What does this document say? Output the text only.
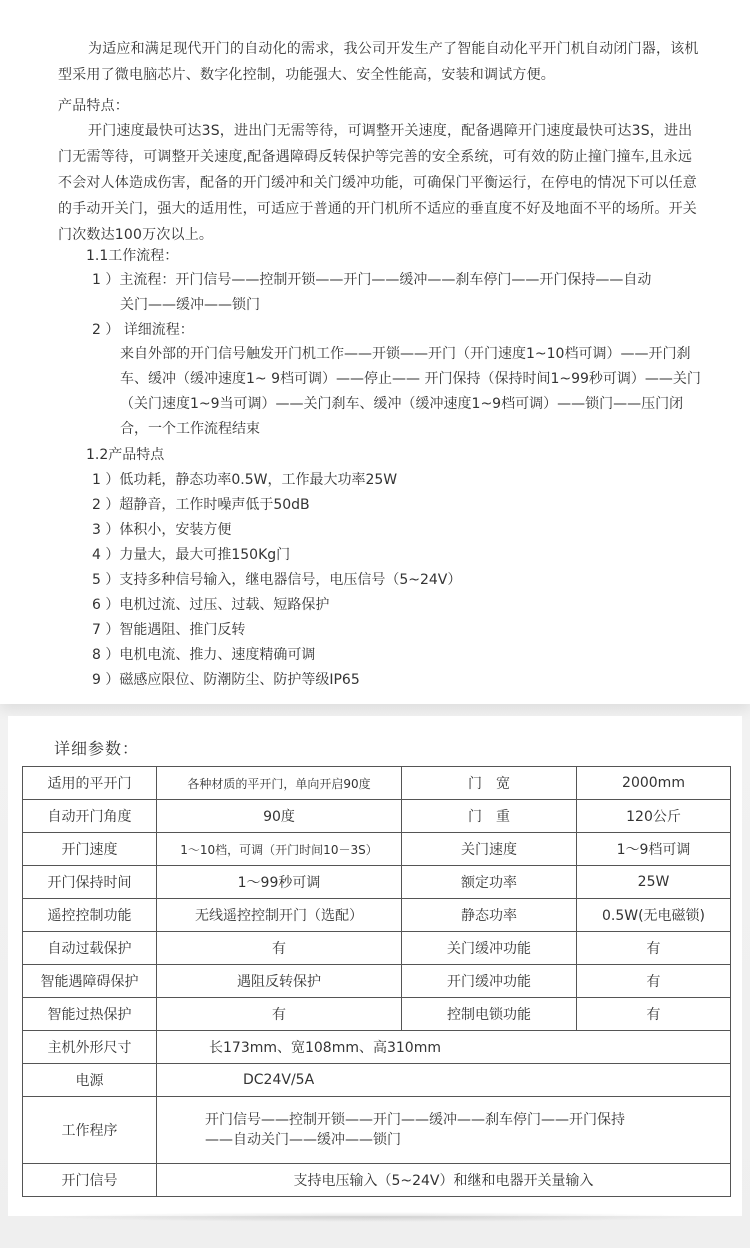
为适应和满足现代开门的自动化的需求，我公司开发生产了智能自动化平开门机自动闭门器，该机型采用了微电脑芯片、数字化控制，功能强大、安全性能高，安装和调试方便。
产品特点：
开门速度最快可达3S，进出门无需等待，可调整开关速度，配备遇障开门速度最快可达3S，进出门无需等待，可调整开关速度,配备遇障碍反转保护等完善的安全系统，可有效的防止撞门撞车,且永远不会对人体造成伤害，配备的开门缓冲和关门缓冲功能，可确保门平衡运行，在停电的情况下可以任意的手动开关门，强大的适用性，可适应于普通的开门机所不适应的垂直度不好及地面不平的场所。开关门次数达100万次以上。
1.1工作流程：
1 ）主流程：开门信号——控制开锁——开门——缓冲——刹车停门——开门保持——自动
关门——缓冲——锁门
2 ） 详细流程：
来自外部的开门信号触发开门机工作——开锁——开门（开门速度1~10档可调）——开门刹车、缓冲（缓冲速度1~ 9档可调）——停止—— 开门保持（保持时间1~99秒可调）——关门（关门速度1~9当可调）——关门刹车、缓冲（缓冲速度1~9档可调）——锁门——压门闭合，一个工作流程结束
1.2产品特点
1 ）低功耗，静态功率0.5W，工作最大功率25W
2 ）超静音，工作时噪声低于50dB
3 ）体积小，安装方便
4 ）力量大，最大可推150Kg门
5 ）支持多种信号输入，继电器信号，电压信号（5~24V）
6 ）电机过流、过压、过载、短路保护
7 ）智能遇阻、推门反转
8 ）电机电流、推力、速度精确可调
9 ）磁感应限位、防潮防尘、防护等级IP65
详细参数：
适用的平开门	各种材质的平开门，单向开启90度	门　宽	2000mm
自动开门角度	90度	门　重	120公斤
开门速度	1～10档，可调（开门时间10－3S）	关门速度	1～9档可调
开门保持时间	1～99秒可调	额定功率	25W
遥控控制功能	无线遥控控制开门（选配）	静态功率	0.5W(无电磁锁)
自动过载保护	有	关门缓冲功能	有
智能遇障碍保护	遇阻反转保护	开门缓冲功能	有
智能过热保护	有	控制电锁功能	有
主机外形尺寸	长173mm、宽108mm、高310mm		
电源	DC24V/5A		
工作程序	开门信号——控制开锁——开门——缓冲——刹车停门——开门保持
——自动关门——缓冲——锁门		
开门信号	支持电压输入（5~24V）和继和电器开关量输入		
